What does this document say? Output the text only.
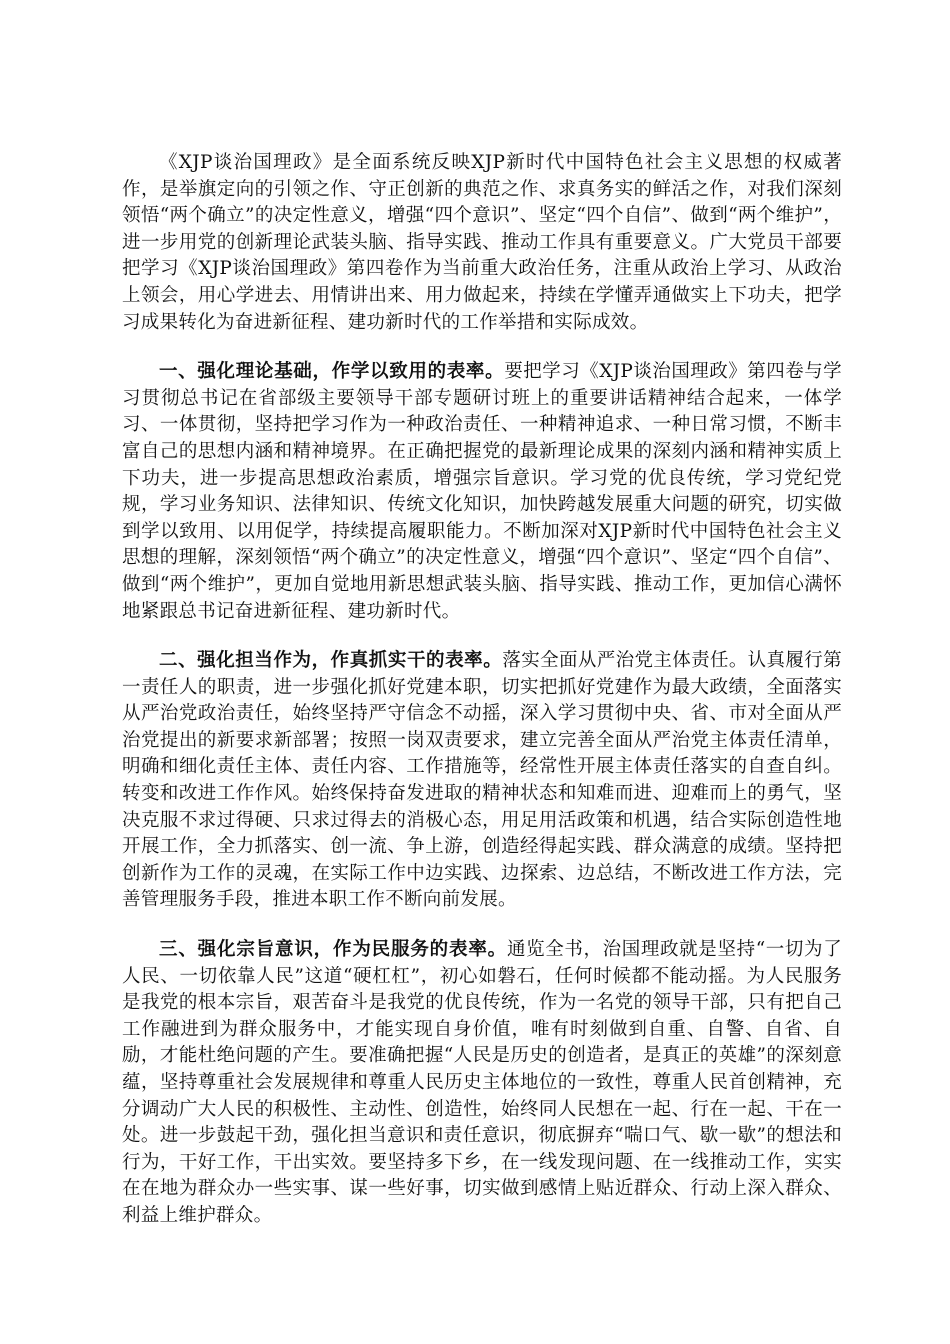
《XJP谈治国理政》是全面系统反映XJP新时代中国特色社会主义思想的权威著作，是举旗定向的引领之作、守正创新的典范之作、求真务实的鲜活之作，对我们深刻领悟“两个确立”的决定性意义，增强“四个意识”、坚定“四个自信”、做到“两个维护”，进一步用党的创新理论武装头脑、指导实践、推动工作具有重要意义。广大党员干部要把学习《XJP谈治国理政》第四卷作为当前重大政治任务，注重从政治上学习、从政治上领会，用心学进去、用情讲出来、用力做起来，持续在学懂弄通做实上下功夫，把学习成果转化为奋进新征程、建功新时代的工作举措和实际成效。

一、强化理论基础，作学以致用的表率。要把学习《XJP谈治国理政》第四卷与学习贯彻总书记在省部级主要领导干部专题研讨班上的重要讲话精神结合起来，一体学习、一体贯彻，坚持把学习作为一种政治责任、一种精神追求、一种日常习惯，不断丰富自己的思想内涵和精神境界。在正确把握党的最新理论成果的深刻内涵和精神实质上下功夫，进一步提高思想政治素质，增强宗旨意识。学习党的优良传统，学习党纪党规，学习业务知识、法律知识、传统文化知识，加快跨越发展重大问题的研究，切实做到学以致用、以用促学，持续提高履职能力。不断加深对XJP新时代中国特色社会主义思想的理解，深刻领悟“两个确立”的决定性意义，增强“四个意识”、坚定“四个自信”、做到“两个维护”，更加自觉地用新思想武装头脑、指导实践、推动工作，更加信心满怀地紧跟总书记奋进新征程、建功新时代。

二、强化担当作为，作真抓实干的表率。落实全面从严治党主体责任。认真履行第一责任人的职责，进一步强化抓好党建本职，切实把抓好党建作为最大政绩，全面落实从严治党政治责任，始终坚持严守信念不动摇，深入学习贯彻中央、省、市对全面从严治党提出的新要求新部署；按照一岗双责要求，建立完善全面从严治党主体责任清单，明确和细化责任主体、责任内容、工作措施等，经常性开展主体责任落实的自查自纠。转变和改进工作作风。始终保持奋发进取的精神状态和知难而进、迎难而上的勇气，坚决克服不求过得硬、只求过得去的消极心态，用足用活政策和机遇，结合实际创造性地开展工作，全力抓落实、创一流、争上游，创造经得起实践、群众满意的成绩。坚持把创新作为工作的灵魂，在实际工作中边实践、边探索、边总结，不断改进工作方法，完善管理服务手段，推进本职工作不断向前发展。

三、强化宗旨意识，作为民服务的表率。通览全书，治国理政就是坚持“一切为了人民、一切依靠人民”这道“硬杠杠”，初心如磐石，任何时候都不能动摇。为人民服务是我党的根本宗旨，艰苦奋斗是我党的优良传统，作为一名党的领导干部，只有把自己工作融进到为群众服务中，才能实现自身价值，唯有时刻做到自重、自警、自省、自励，才能杜绝问题的产生。要准确把握“人民是历史的创造者，是真正的英雄”的深刻意蕴，坚持尊重社会发展规律和尊重人民历史主体地位的一致性，尊重人民首创精神，充分调动广大人民的积极性、主动性、创造性，始终同人民想在一起、行在一起、干在一处。进一步鼓起干劲，强化担当意识和责任意识，彻底摒弃“喘口气、歇一歇”的想法和行为，干好工作，干出实效。要坚持多下乡，在一线发现问题、在一线推动工作，实实在在地为群众办一些实事、谋一些好事，切实做到感情上贴近群众、行动上深入群众、利益上维护群众。
